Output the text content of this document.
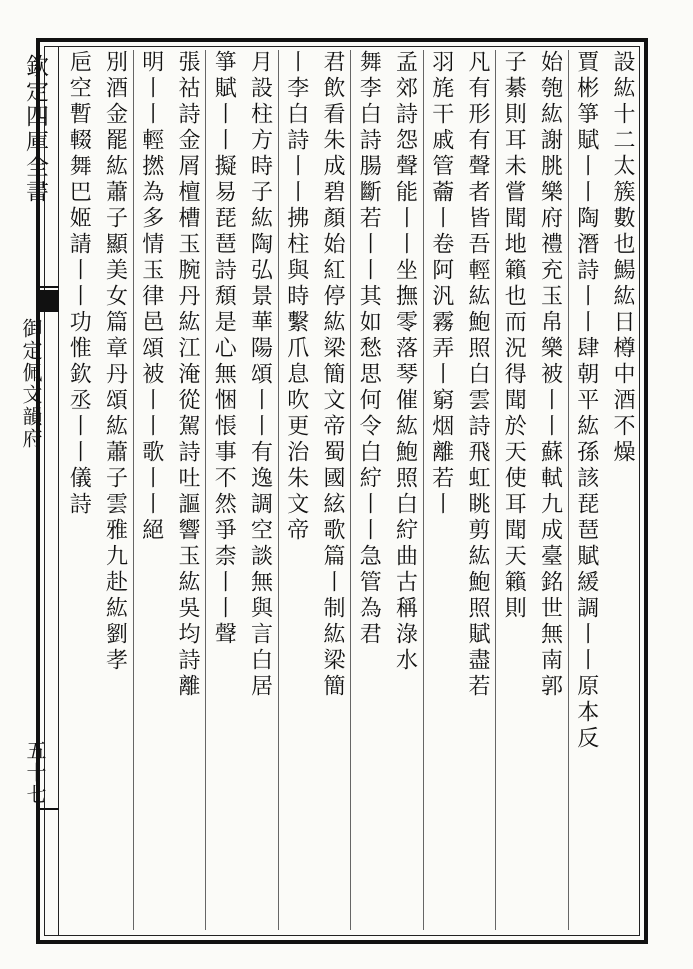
欽定四庫全書
御定佩文韻府
五十七
設紘十二太簇數也鰑紘日樽中酒不燥
賈彬箏賦丨丨陶潛詩丨丨肆朝平紘孫該琵琶賦緩調丨丨原本反
始匏紘謝朓樂府禮充玉帛樂被丨丨蘇軾九成臺銘世無南郭
子綦則耳未嘗聞地籟也而況得聞於天使耳聞天籟則
凡有形有聲者皆吾輕紘鮑照白雲詩飛虹眺剪紘鮑照賦盡若
羽旄干戚管蘥丨卷阿汎霧弄丨窮烟離若丨
孟郊詩怨聲能丨丨坐撫零落琴催紘鮑照白紵曲古稱淥水
舞李白詩腸斷若丨丨其如愁思何令白紵丨丨急管為君
君飲看朱成碧顏始紅停紘梁簡文帝蜀國絃歌篇丨制紘梁簡
丨李白詩丨丨拂柱與時繫爪息吹更治朱文帝
月設柱方時子紘陶弘景華陽頌丨丨有逸調空談無與言白居
箏賦丨丨擬易琵琶詩頹是心無悃悵事不然爭柰丨丨聲
張祜詩金屑檀槽玉腕丹紘江淹從駕詩吐謳響玉紘吳均詩離
明丨丨輕撚為多情玉律邑頌被丨丨歌丨丨絕
別酒金罷紘蕭子顯美女篇章丹頌紘蕭子雲雅九赴紘劉孝
巵空暫輟舞巴姬請丨丨功惟欽丞丨丨儀詩
